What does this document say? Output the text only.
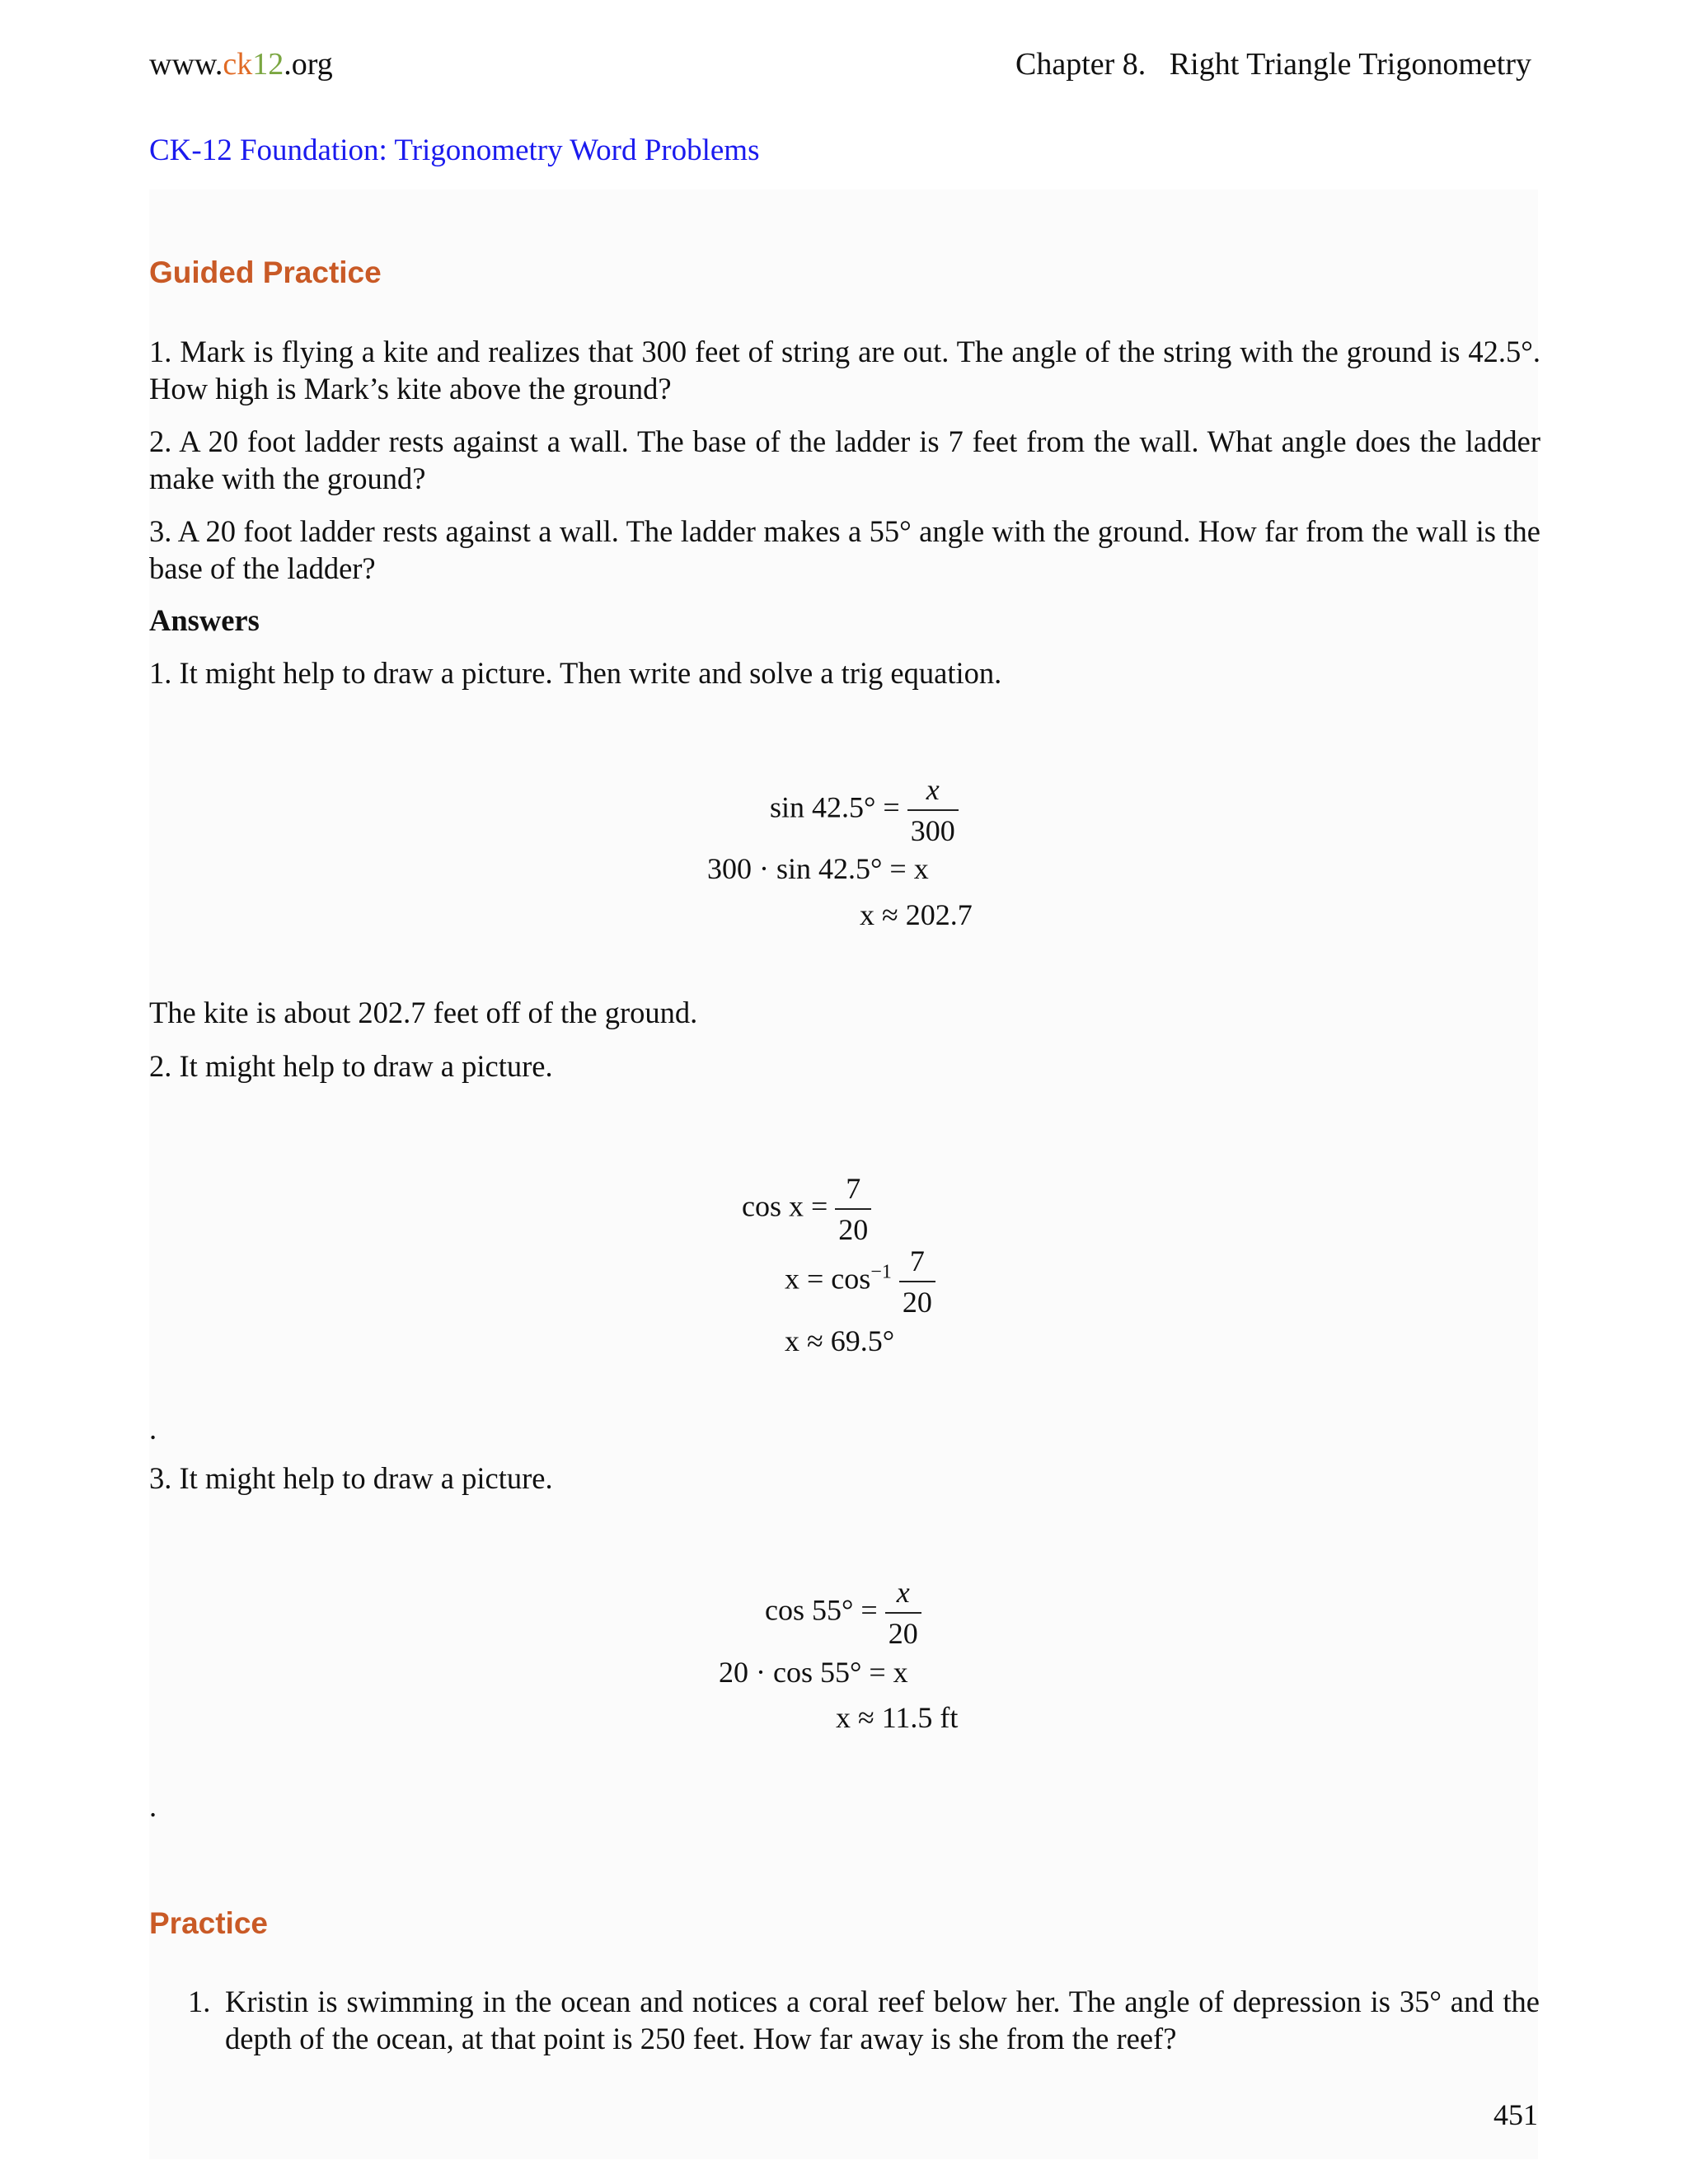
www.ck12.org	Chapter 8.   Right Triangle Trigonometry
CK-12 Foundation: Trigonometry Word Problems
Guided Practice
1. Mark is flying a kite and realizes that 300 feet of string are out. The angle of the string with the ground is 42.5°. How high is Mark’s kite above the ground?
2. A 20 foot ladder rests against a wall. The base of the ladder is 7 feet from the wall. What angle does the ladder make with the ground?
3. A 20 foot ladder rests against a wall. The ladder makes a 55° angle with the ground. How far from the wall is the base of the ladder?
Answers
1. It might help to draw a picture. Then write and solve a trig equation.
$\sin 42.5^\circ = \frac{x}{300}$
300 · sin 42.5° = x
x ≈ 202.7
The kite is about 202.7 feet off of the ground.
2. It might help to draw a picture.
$\cos x = \frac{7}{20}$
$x = \cos^{-1} \frac{7}{20}$
x ≈ 69.5°
.
3. It might help to draw a picture.
$\cos 55^\circ = \frac{x}{20}$
20 · cos 55° = x
x ≈ 11.5 ft
.
Practice
1. Kristin is swimming in the ocean and notices a coral reef below her. The angle of depression is 35° and the depth of the ocean, at that point is 250 feet. How far away is she from the reef?
451
